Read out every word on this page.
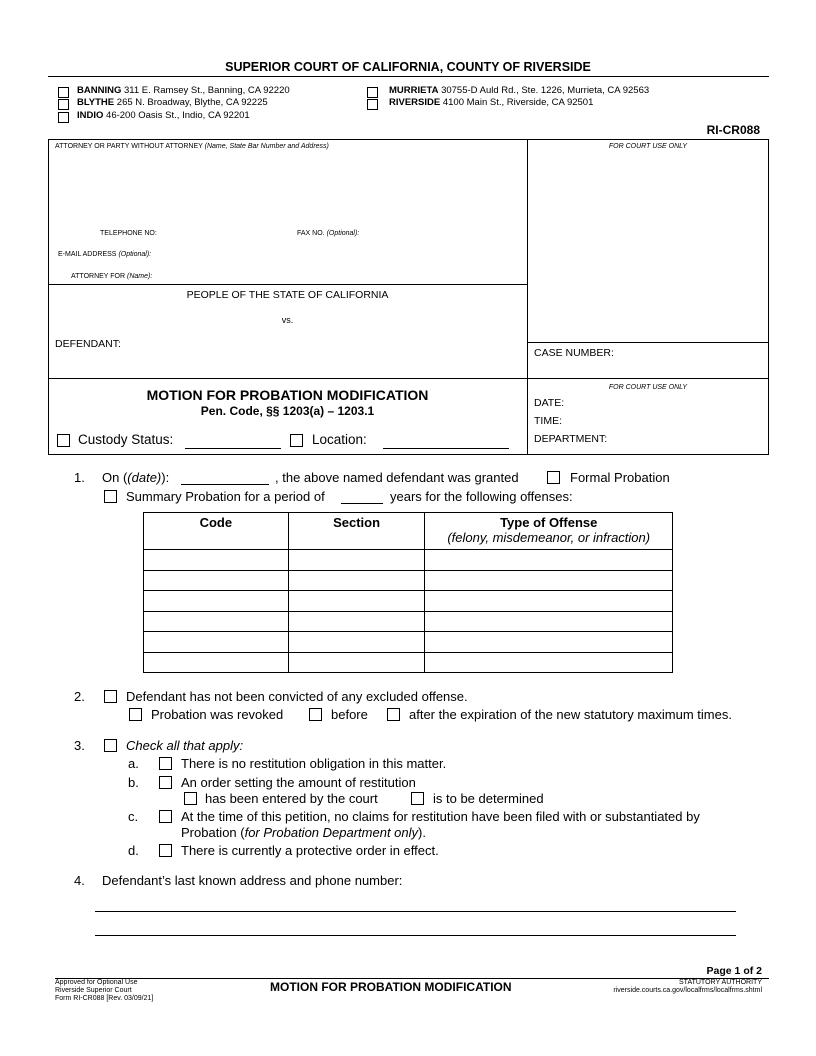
SUPERIOR COURT OF CALIFORNIA, COUNTY OF RIVERSIDE
BANNING 311 E. Ramsey St., Banning, CA 92220
BLYTHE 265 N. Broadway, Blythe, CA 92225
INDIO 46-200 Oasis St., Indio, CA 92201
MURRIETA 30755-D Auld Rd., Ste. 1226, Murrieta, CA 92563
RIVERSIDE 4100 Main St., Riverside, CA 92501
RI-CR088
ATTORNEY OR PARTY WITHOUT ATTORNEY (Name, State Bar Number and Address)	FOR COURT USE ONLY
TELEPHONE NO:	FAX NO. (Optional):
E-MAIL ADDRESS (Optional):
ATTORNEY FOR (Name):
PEOPLE OF THE STATE OF CALIFORNIA
vs.
DEFENDANT:
CASE NUMBER:
MOTION FOR PROBATION MODIFICATION
Pen. Code, §§ 1203(a) – 1203.1
Custody Status:	Location:
FOR COURT USE ONLY
DATE:
TIME:
DEPARTMENT:
1. On ((date)):	, the above named defendant was granted	Formal Probation
Summary Probation for a period of	years for the following offenses:
Code	Section	Type of Offense
(felony, misdemeanor, or infraction)

2.	Defendant has not been convicted of any excluded offense.
Probation was revoked	before	after the expiration of the new statutory maximum times.
3.	Check all that apply:
a.	There is no restitution obligation in this matter.
b.	An order setting the amount of restitution
has been entered by the court	is to be determined
c.	At the time of this petition, no claims for restitution have been filed with or substantiated by
Probation (for Probation Department only).
d.	There is currently a protective order in effect.
4. Defendant’s last known address and phone number:
Page 1 of 2
Approved for Optional Use
Riverside Superior Court
Form RI-CR088 [Rev. 03/09/21]
MOTION FOR PROBATION MODIFICATION	STATUTORY AUTHORITY
riverside.courts.ca.gov/localfrms/localfrms.shtml
